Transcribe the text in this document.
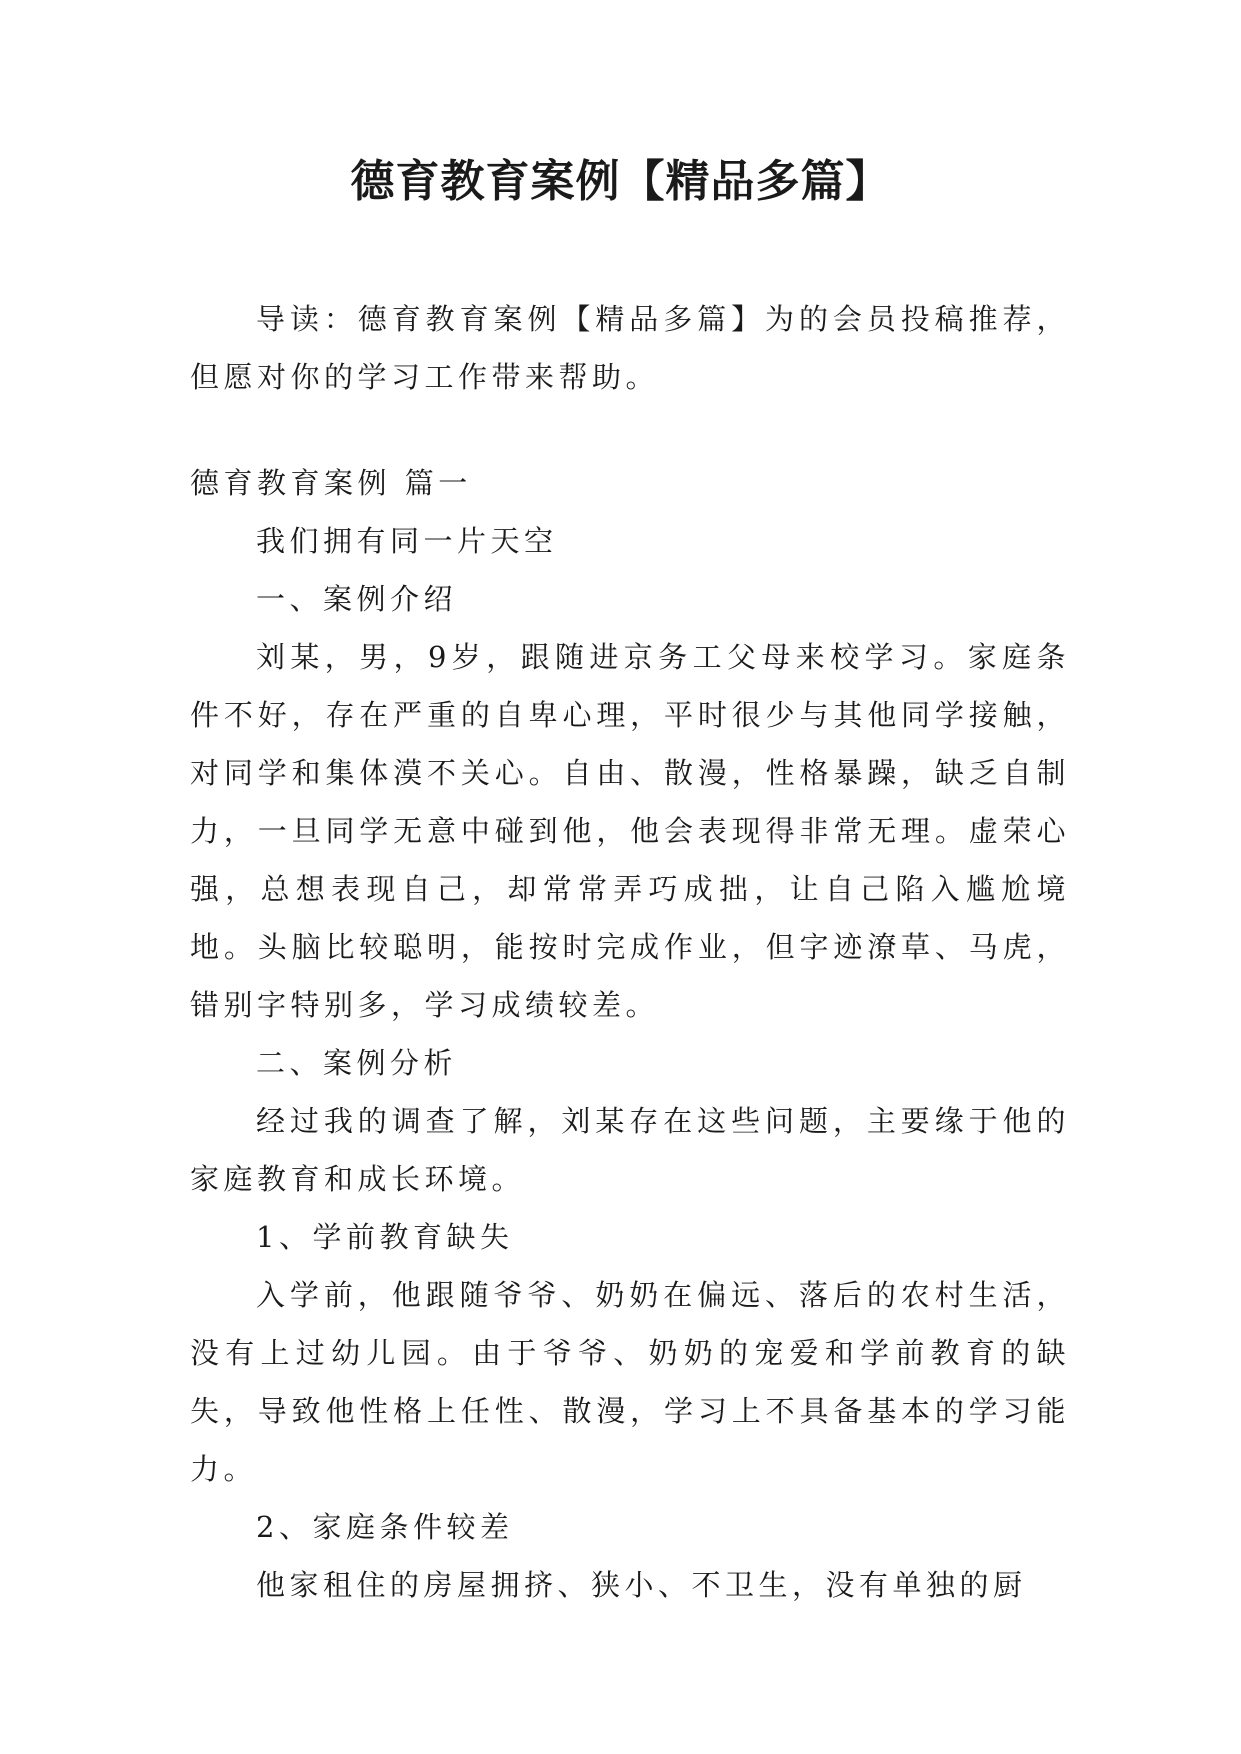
德育教育案例【精品多篇】

导读：德育教育案例【精品多篇】为的会员投稿推荐，但愿对你的学习工作带来帮助。

德育教育案例 篇一

我们拥有同一片天空

一、案例介绍

刘某，男，9岁，跟随进京务工父母来校学习。家庭条件不好，存在严重的自卑心理，平时很少与其他同学接触，对同学和集体漠不关心。自由、散漫，性格暴躁，缺乏自制力，一旦同学无意中碰到他，他会表现得非常无理。虚荣心强，总想表现自己，却常常弄巧成拙，让自己陷入尴尬境地。头脑比较聪明，能按时完成作业，但字迹潦草、马虎，错别字特别多，学习成绩较差。

二、案例分析

经过我的调查了解，刘某存在这些问题，主要缘于他的家庭教育和成长环境。

1、学前教育缺失

入学前，他跟随爷爷、奶奶在偏远、落后的农村生活，没有上过幼儿园。由于爷爷、奶奶的宠爱和学前教育的缺失，导致他性格上任性、散漫，学习上不具备基本的学习能力。

2、家庭条件较差

他家租住的房屋拥挤、狭小、不卫生，没有单独的厨
